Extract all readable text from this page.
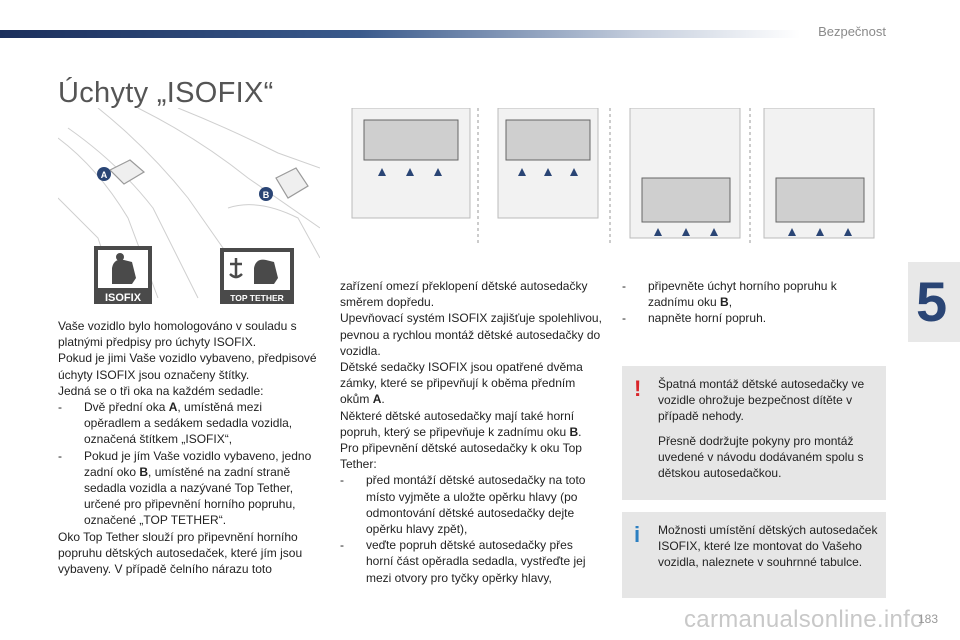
Bezpečnost
5
Úchyty „ISOFIX“
A
B
ISOFIX	TOP TETHER

Vaše vozidlo bylo homologováno v souladu s platnými předpisy pro úchyty ISOFIX.

Pokud je jimi Vaše vozidlo vybaveno, předpisové úchyty ISOFIX jsou označeny štítky.

Jedná se o tři oka na každém sedadle:

-	Dvě přední oka A, umístěná mezi opěradlem a sedákem sedadla vozidla, označená štítkem „ISOFIX“,
-	Pokud je jím Vaše vozidlo vybaveno, jedno zadní oko B, umístěné na zadní straně sedadla vozidla a nazývané Top Tether, určené pro připevnění horního popruhu, označené „TOP TETHER“.

Oko Top Tether slouží pro připevnění horního popruhu dětských autosedaček, které jím jsou vybaveny. V případě čelního nárazu toto

zařízení omezí překlopení dětské autosedačky směrem dopředu.

Upevňovací systém ISOFIX zajišťuje spolehlivou, pevnou a rychlou montáž dětské autosedačky do vozidla.

Dětské sedačky ISOFIX jsou opatřené dvěma zámky, které se připevňují k oběma předním okům A.

Některé dětské autosedačky mají také horní popruh, který se připevňuje k zadnímu oku B.

Pro připevnění dětské autosedačky k oku Top Tether:

-	před montáží dětské autosedačky na toto místo vyjměte a uložte opěrku hlavy (po odmontování dětské autosedačky dejte opěrku hlavy zpět),
-	veďte popruh dětské autosedačky přes horní část opěradla sedadla, vystřeďte jej mezi otvory pro tyčky opěrky hlavy,
-	připevněte úchyt horního popruhu k zadnímu oku B,
-	napněte horní popruh.
! Špatná montáž dětské autosedačky ve vozidle ohrožuje bezpečnost dítěte v případě nehody.

Přesně dodržujte pokyny pro montáž uvedené v návodu dodávaném spolu s dětskou autosedačkou.

i Možnosti umístění dětských autosedaček ISOFIX, které lze montovat do Vašeho vozidla, naleznete v souhrnné tabulce.

carmanualsonline.info
183
